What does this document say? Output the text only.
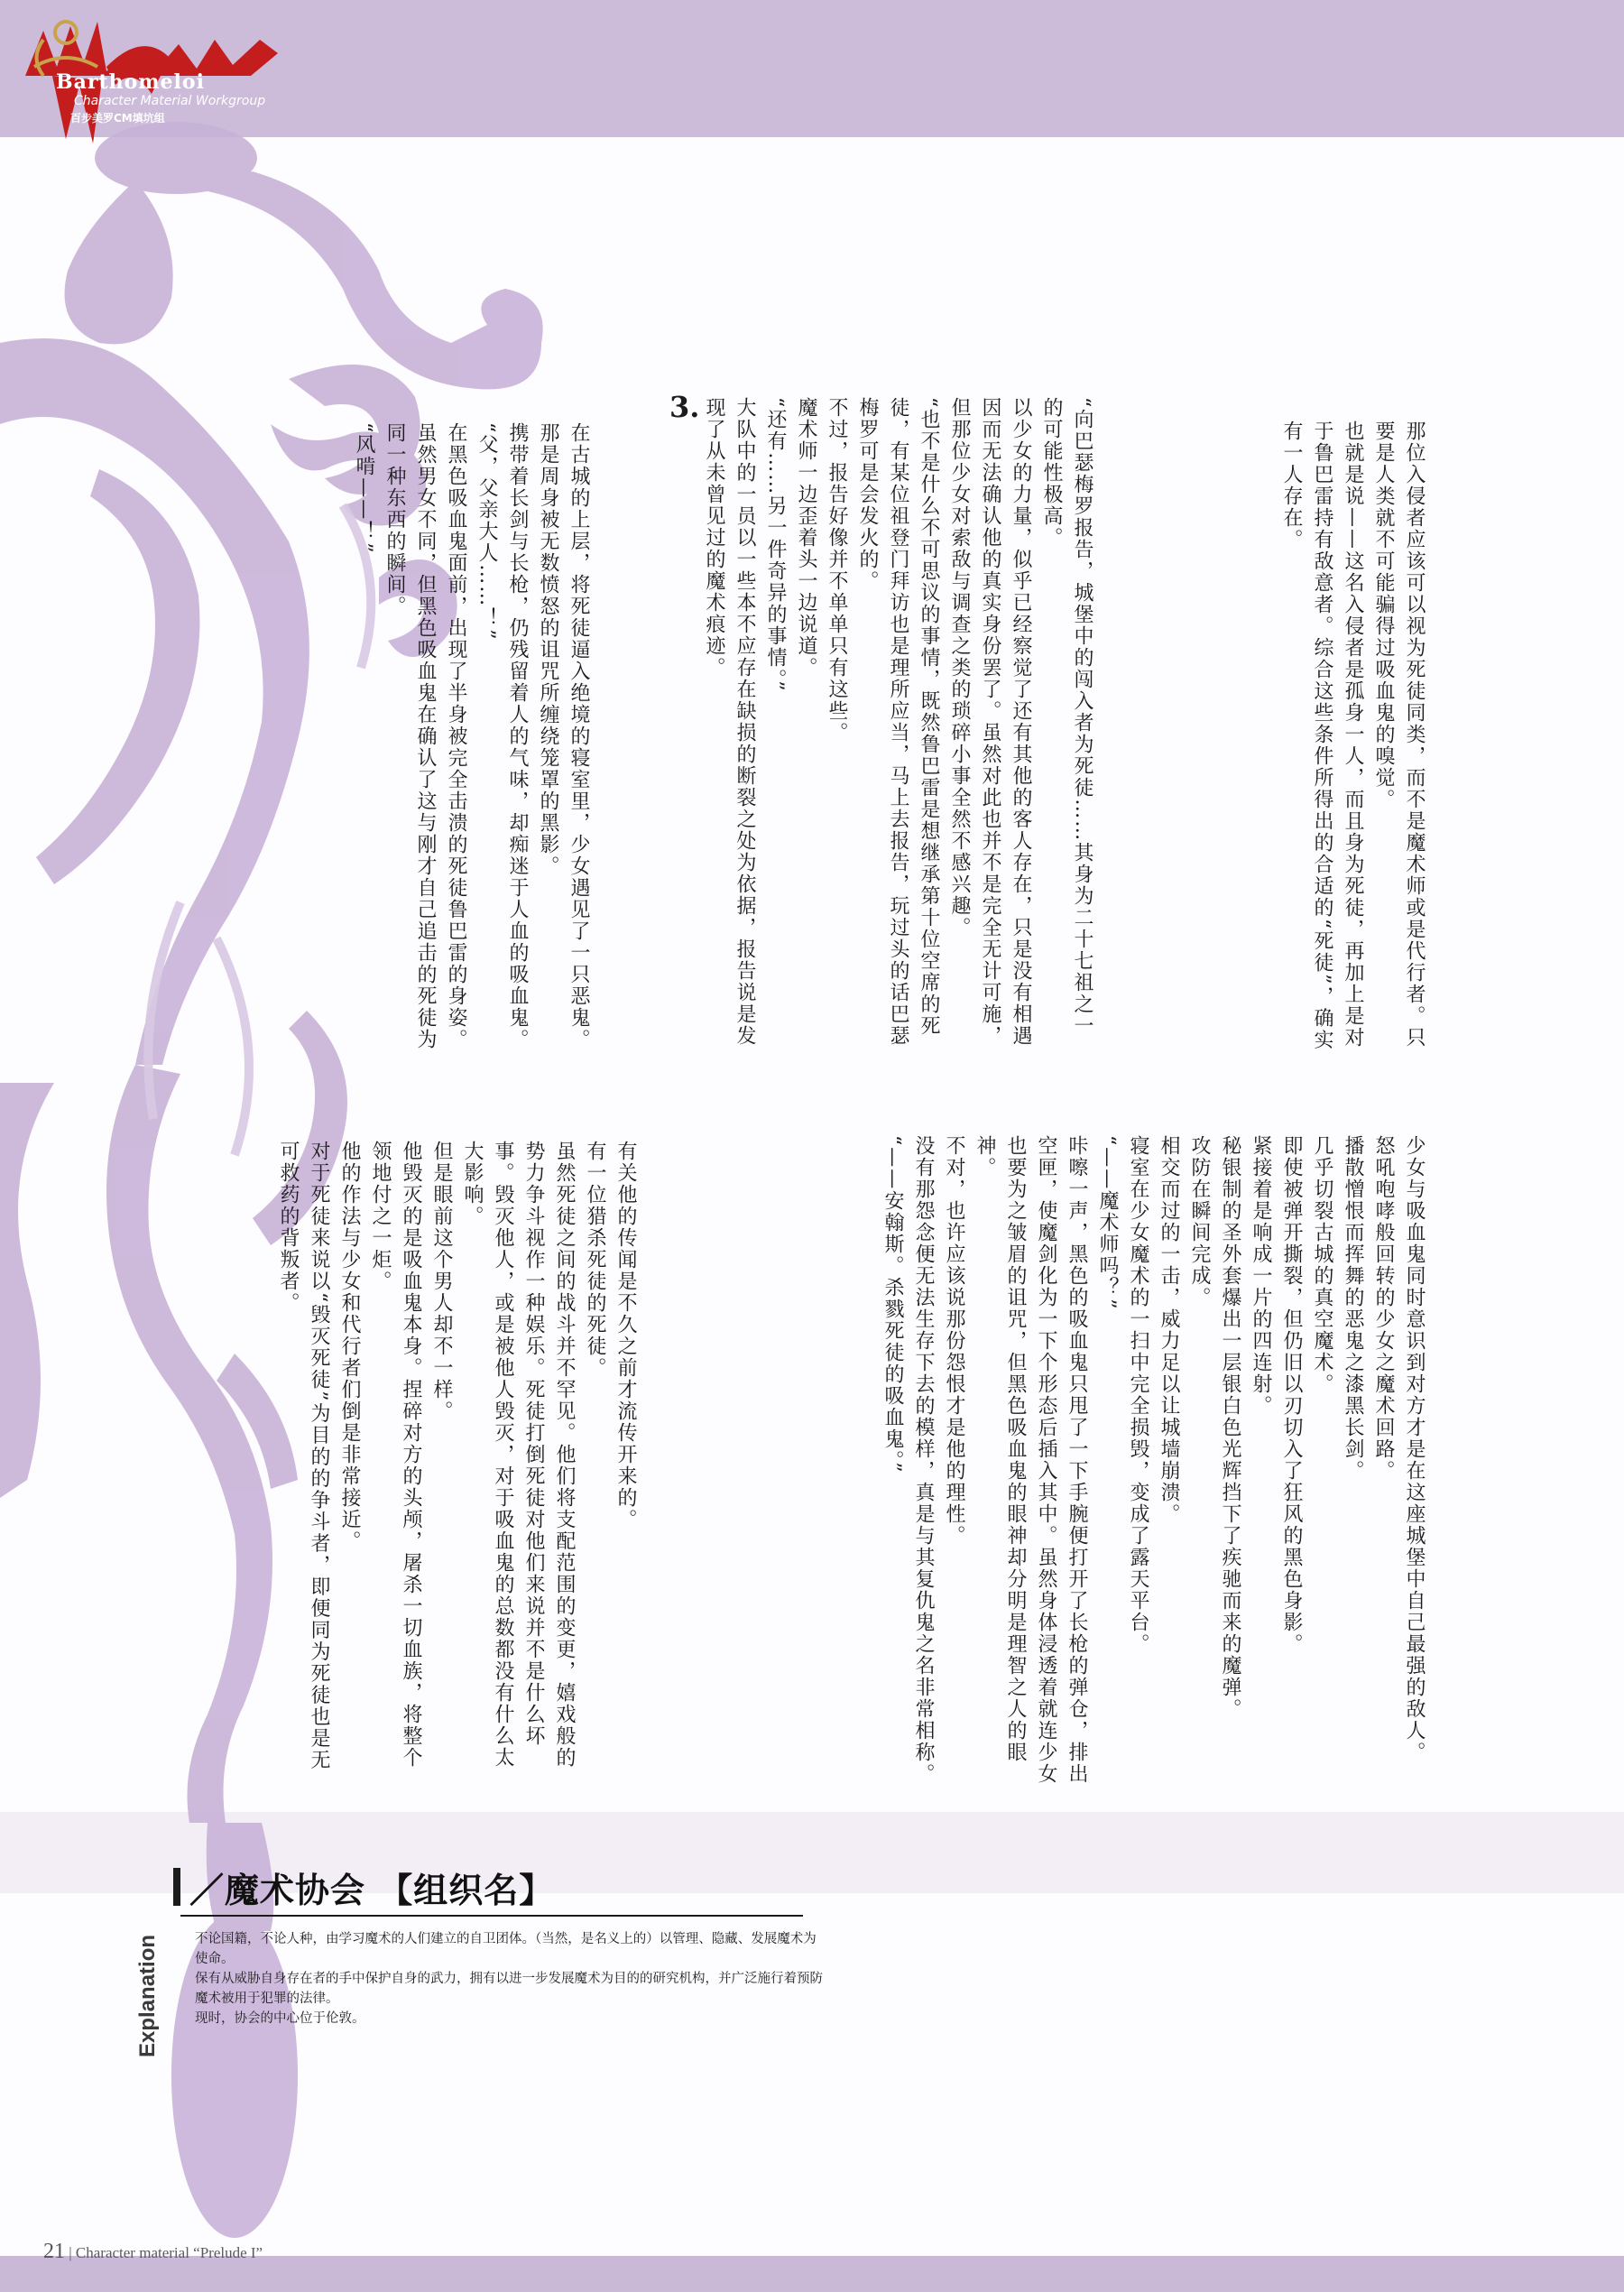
Barthomeloi
Character Material Workgroup
百步美罗CM填坑组

那位入侵者应该可以视为死徒同类，而不是魔术师或是代行者。只要是人类就不可能骗得过吸血鬼的嗅觉。

也就是说——这名入侵者是孤身一人，而且身为死徒，再加上是对于鲁巴雷持有敌意者。综合这些条件所得出的合适的“死徒”，确实有一人存在。

“向巴瑟梅罗报告，城堡中的闯入者为死徒……其身为二十七祖之一的可能性极高。

以少女的力量，似乎已经察觉了还有其他的客人存在，只是没有相遇因而无法确认他的真实身份罢了。虽然对此也并不是完全无计可施，但那位少女对索敌与调查之类的琐碎小事全然不感兴趣。

“也不是什么不可思议的事情，既然鲁巴雷是想继承第十位空席的死徒，有某位祖登门拜访也是理所应当，马上去报告，玩过头的话巴瑟梅罗可是会发火的。

不过，报告好像并不单单只有这些。

魔术师一边歪着头一边说道。

“还有……另一件奇异的事情。”

大队中的一员以一些本不应存在缺损的断裂之处为依据，报告说是发现了从未曾见过的魔术痕迹。

3.

在古城的上层，将死徒逼入绝境的寝室里，少女遇见了一只恶鬼。

那是周身被无数愤怒的诅咒所缠绕笼罩的黑影。

携带着长剑与长枪，仍残留着人的气味，却痴迷于人血的吸血鬼。

“父，父亲大人……！”

在黑色吸血鬼面前，出现了半身被完全击溃的死徒鲁巴雷的身姿。

虽然男女不同，但黑色吸血鬼在确认了这与刚才自己追击的死徒为同一种东西的瞬间。

“风啃——！”

少女与吸血鬼同时意识到对方才是在这座城堡中自己最强的敌人。

怒吼咆哮般回转的少女之魔术回路。

播散憎恨而挥舞的恶鬼之漆黑长剑。

几乎切裂古城的真空魔术。

即使被弹开撕裂，但仍旧以刃切入了狂风的黑色身影。

紧接着是响成一片的四连射。

秘银制的圣外套爆出一层银白色光辉挡下了疾驰而来的魔弹。

攻防在瞬间完成。

相交而过的一击，威力足以让城墙崩溃。

寝室在少女魔术的一扫中完全损毁，变成了露天平台。

“——魔术师吗？”

咔嚓一声，黑色的吸血鬼只甩了一下手腕便打开了长枪的弹仓，排出空匣，使魔剑化为一下个形态后插入其中。虽然身体浸透着就连少女也要为之皱眉的诅咒，但黑色吸血鬼的眼神却分明是理智之人的眼神。

不对，也许应该说那份怨恨才是他的理性。

没有那怨念便无法生存下去的模样，真是与其复仇鬼之名非常相称。

“——安翰斯。杀戮死徒的吸血鬼。”

有关他的传闻是不久之前才流传开来的。

有一位猎杀死徒的死徒。

虽然死徒之间的战斗并不罕见。他们将支配范围的变更，嬉戏般的势力争斗视作一种娱乐。死徒打倒死徒对他们来说并不是什么坏事。毁灭他人，或是被他人毁灭，对于吸血鬼的总数都没有什么太大影响。

但是眼前这个男人却不一样。

他毁灭的是吸血鬼本身。捏碎对方的头颅，屠杀一切血族，将整个领地付之一炬。

他的作法与少女和代行者们倒是非常接近。

对于死徒来说以“毁灭死徒”为目的的争斗者，即便同为死徒也是无可救药的背叛者。

Explanation
／魔术协会 【组织名】

不论国籍，不论人种，由学习魔术的人们建立的自卫团体。（当然，是名义上的）以管理、隐藏、发展魔术为使命。

保有从威胁自身存在者的手中保护自身的武力，拥有以进一步发展魔术为目的的研究机构，并广泛施行着预防魔术被用于犯罪的法律。

现时，协会的中心位于伦敦。

21 | Character material “Prelude I”
